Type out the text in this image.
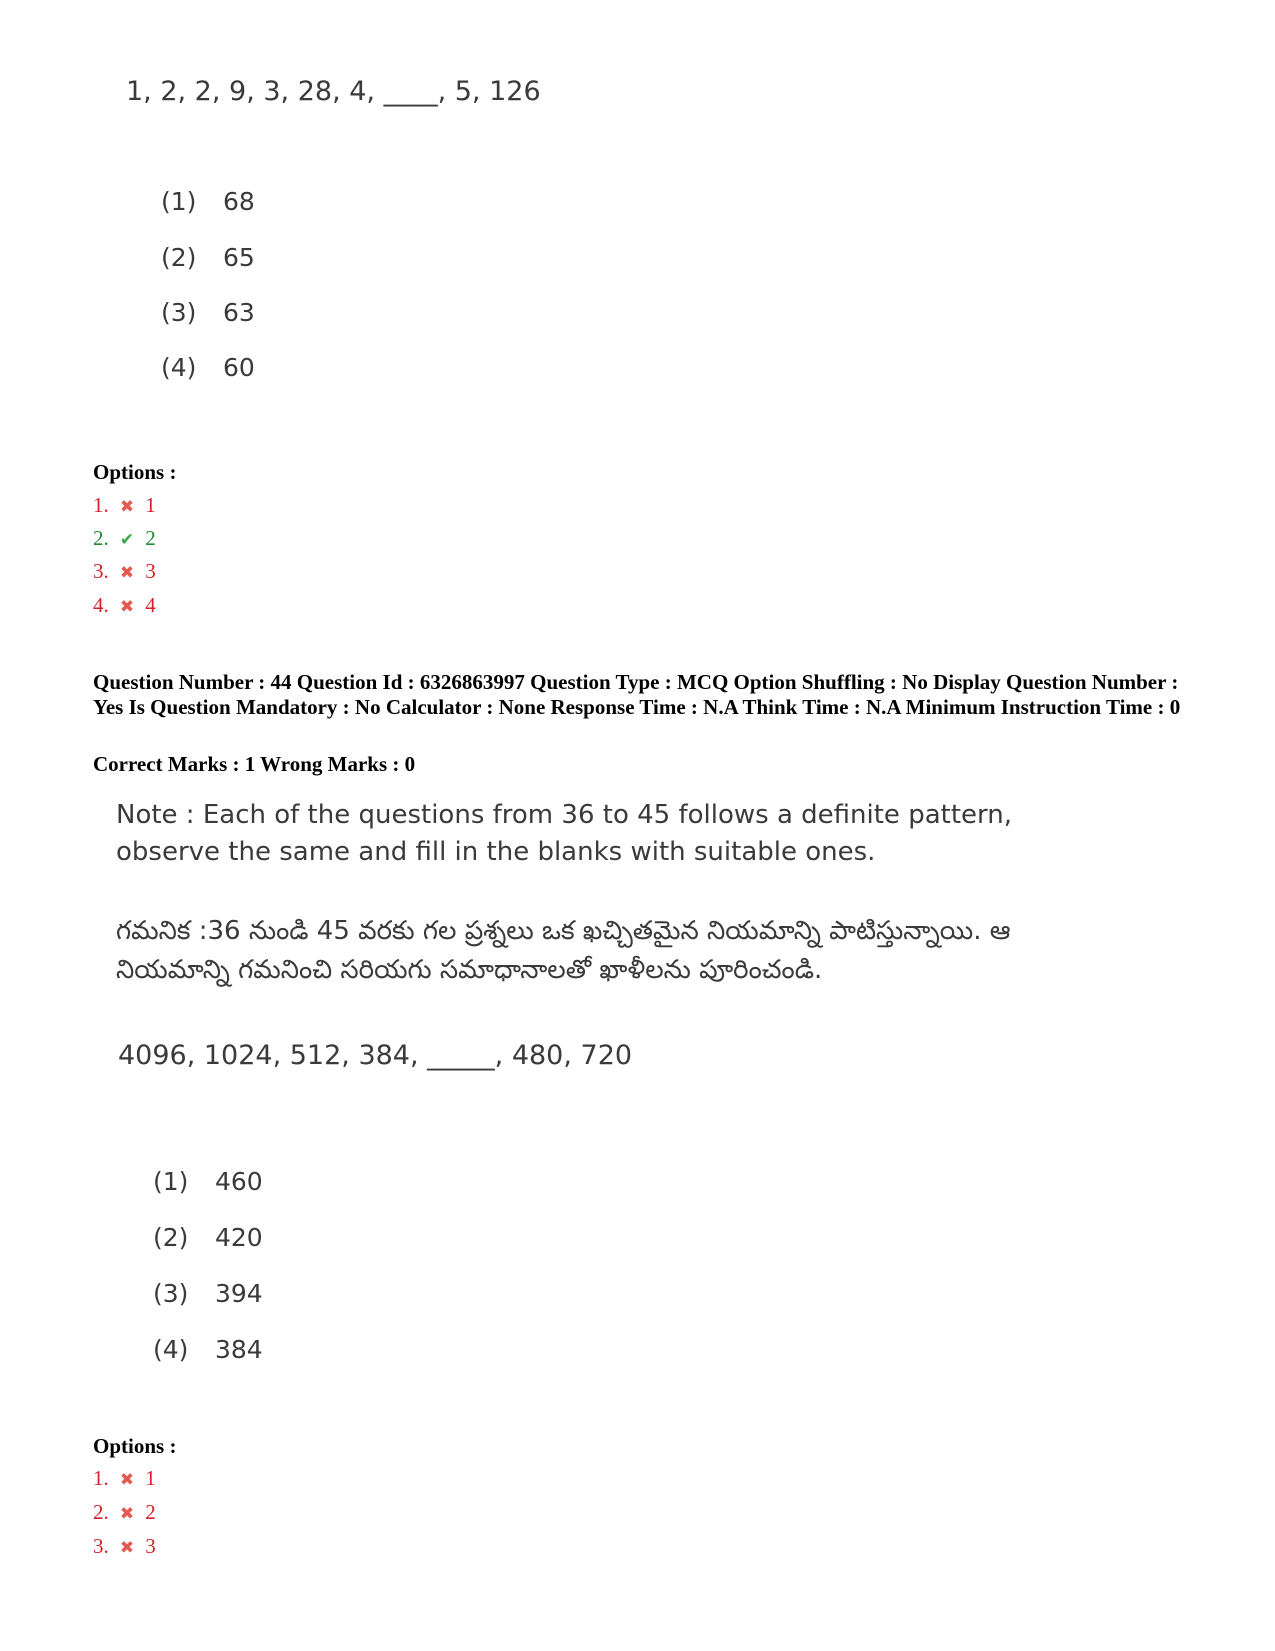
1, 2, 2, 9, 3, 28, 4, ____, 5, 126
(1) 68
(2) 65
(3) 63
(4) 60
Options :
1. ✖ 1
2. ✔ 2
3. ✖ 3
4. ✖ 4
Question Number : 44 Question Id : 6326863997 Question Type : MCQ Option Shuffling : No Display Question Number : Yes Is Question Mandatory : No Calculator : None Response Time : N.A Think Time : N.A Minimum Instruction Time : 0
Correct Marks : 1 Wrong Marks : 0
Note : Each of the questions from 36 to 45 follows a definite pattern, observe the same and fill in the blanks with suitable ones.
గమనిక :36 నుండి 45 వరకు గల ప్రశ్నలు ఒక ఖచ్చితమైన నియమాన్ని పాటిస్తున్నాయి. ఆ నియమాన్ని గమనించి సరియగు సమాధానాలతో ఖాళీలను పూరించండి.
4096, 1024, 512, 384, _____, 480, 720
(1) 460
(2) 420
(3) 394
(4) 384
Options :
1. ✖ 1
2. ✖ 2
3. ✖ 3
